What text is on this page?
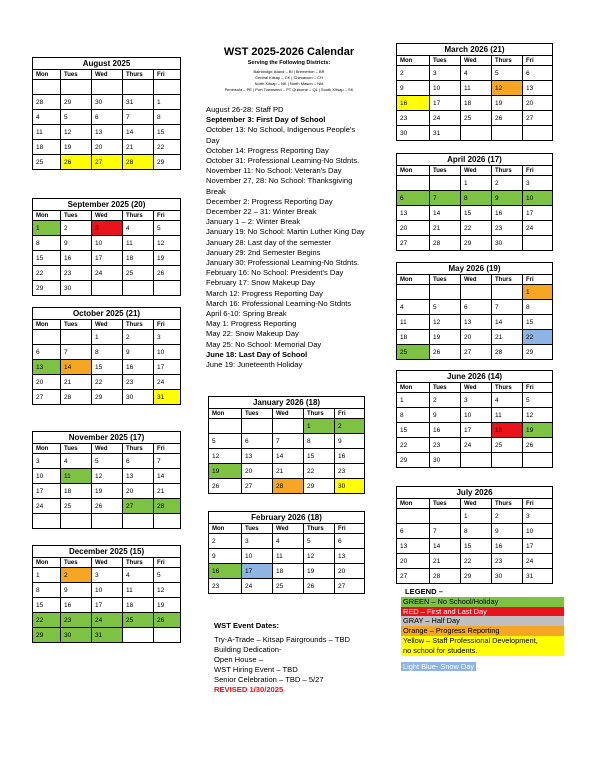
WST 2025-2026 Calendar
Serving the Following Districts:
Bainbridge Island – BI | Bremerton – BR
Central Kitsap – CK | Chimacum – CH
North Kitsap – NK | North Mason – NM
Peninsula – PE | Port Townsend – PT Quilcene – QL | South Kitsap – SK
August 2025				
Mon	Tues	Wed	Thurs	Fri

28	29	30	31	1
4	5	6	7	8
11	12	13	14	15
18	19	20	21	22
25	26	27	28	29
September 2025 (20)				
Mon	Tues	Wed	Thurs	Fri
1	2	3	4	5
8	9	10	11	12
15	16	17	18	19
22	23	24	25	26
29	30			
October 2025 (21)				
Mon	Tues	Wed	Thurs	Fri
		1	2	3
6	7	8	9	10
13	14	15	16	17
20	21	22	23	24
27	28	29	30	31
November 2025 (17)				
Mon	Tues	Wed	Thurs	Fri
3	4	5	6	7
10	11	12	13	14
17	18	19	20	21
24	25	26	27	28

December 2025 (15)				
Mon	Tues	Wed	Thurs	Fri
1	2	3	4	5
8	9	10	11	12
15	16	17	18	19
22	23	24	25	26
29	30	31		
January 2026 (18)				
Mon	Tues	Wed	Thurs	Fri
			1	2
5	6	7	8	9
12	13	14	15	16
19	20	21	22	23
26	27	28	29	30
February 2026 (18)				
Mon	Tues	Wed	Thurs	Fri
2	3	4	5	6
9	10	11	12	13
16	17	18	19	20
23	24	25	26	27
March 2026 (21)				
Mon	Tues	Wed	Thurs	Fri
2	3	4	5	6
9	10	11	12	13
16	17	18	19	20
23	24	25	26	27
30	31			
April 2026 (17)				
Mon	Tues	Wed	Thurs	Fri
		1	2	3
6	7	8	9	10
13	14	15	16	17
20	21	22	23	24
27	28	29	30	
May 2026 (19)				
Mon	Tues	Wed	Thurs	Fri
				1
4	5	6	7	8
11	12	13	14	15
18	19	20	21	22
25	26	27	28	29
June 2026 (14)				
Mon	Tues	Wed	Thurs	Fri
1	2	3	4	5
8	9	10	11	12
15	16	17	18	19
22	23	24	25	26
29	30			
July 2026				
Mon	Tues	Wed	Thurs	Fri
		1	2	3
6	7	8	9	10
13	14	15	16	17
20	21	22	23	24
27	28	29	30	31
August 26-28: Staff PD
September 3: First Day of School
October 13: No School, Indigenous People's
Day
October 14: Progress Reporting Day
October 31: Professional Learning-No Stdnts.
November 11: No School: Veteran's Day
November 27, 28: No School: Thanksgiving
Break
December 2: Progress Reporting Day
December 22 – 31: Winter Break
January 1 – 2: Winter Break
January 19: No School: Martin Luther King Day
January 28: Last day of the semester
January 29: 2nd Semester Begins
January 30: Professional Learning-No Stdnts.
February 16: No School: President's Day
February 17: Snow Makeup Day
March 12: Progress Reporting Day
March 16: Professional Learning-No Stdnts
April 6-10: Spring Break
May 1: Progress Reporting
May 22: Snow Makeup Day
May 25: No School: Memorial Day
June 18: Last Day of School
June 19: Juneteenth Holiday
WST Event Dates:
Try-A-Trade – Kitsap Fairgrounds – TBD
Building Dedication-
Open House –
WST Hiring Event – TBD
Senior Celebration – TBD – 5/27
REVISED 1/30/2025
LEGEND –
GREEN – No School/Holiday
RED – First and Last Day
GRAY – Half Day
Orange – Progress Reporting
Yellow – Staff Professional Development,
no school for students.
Light Blue- Snow Day
